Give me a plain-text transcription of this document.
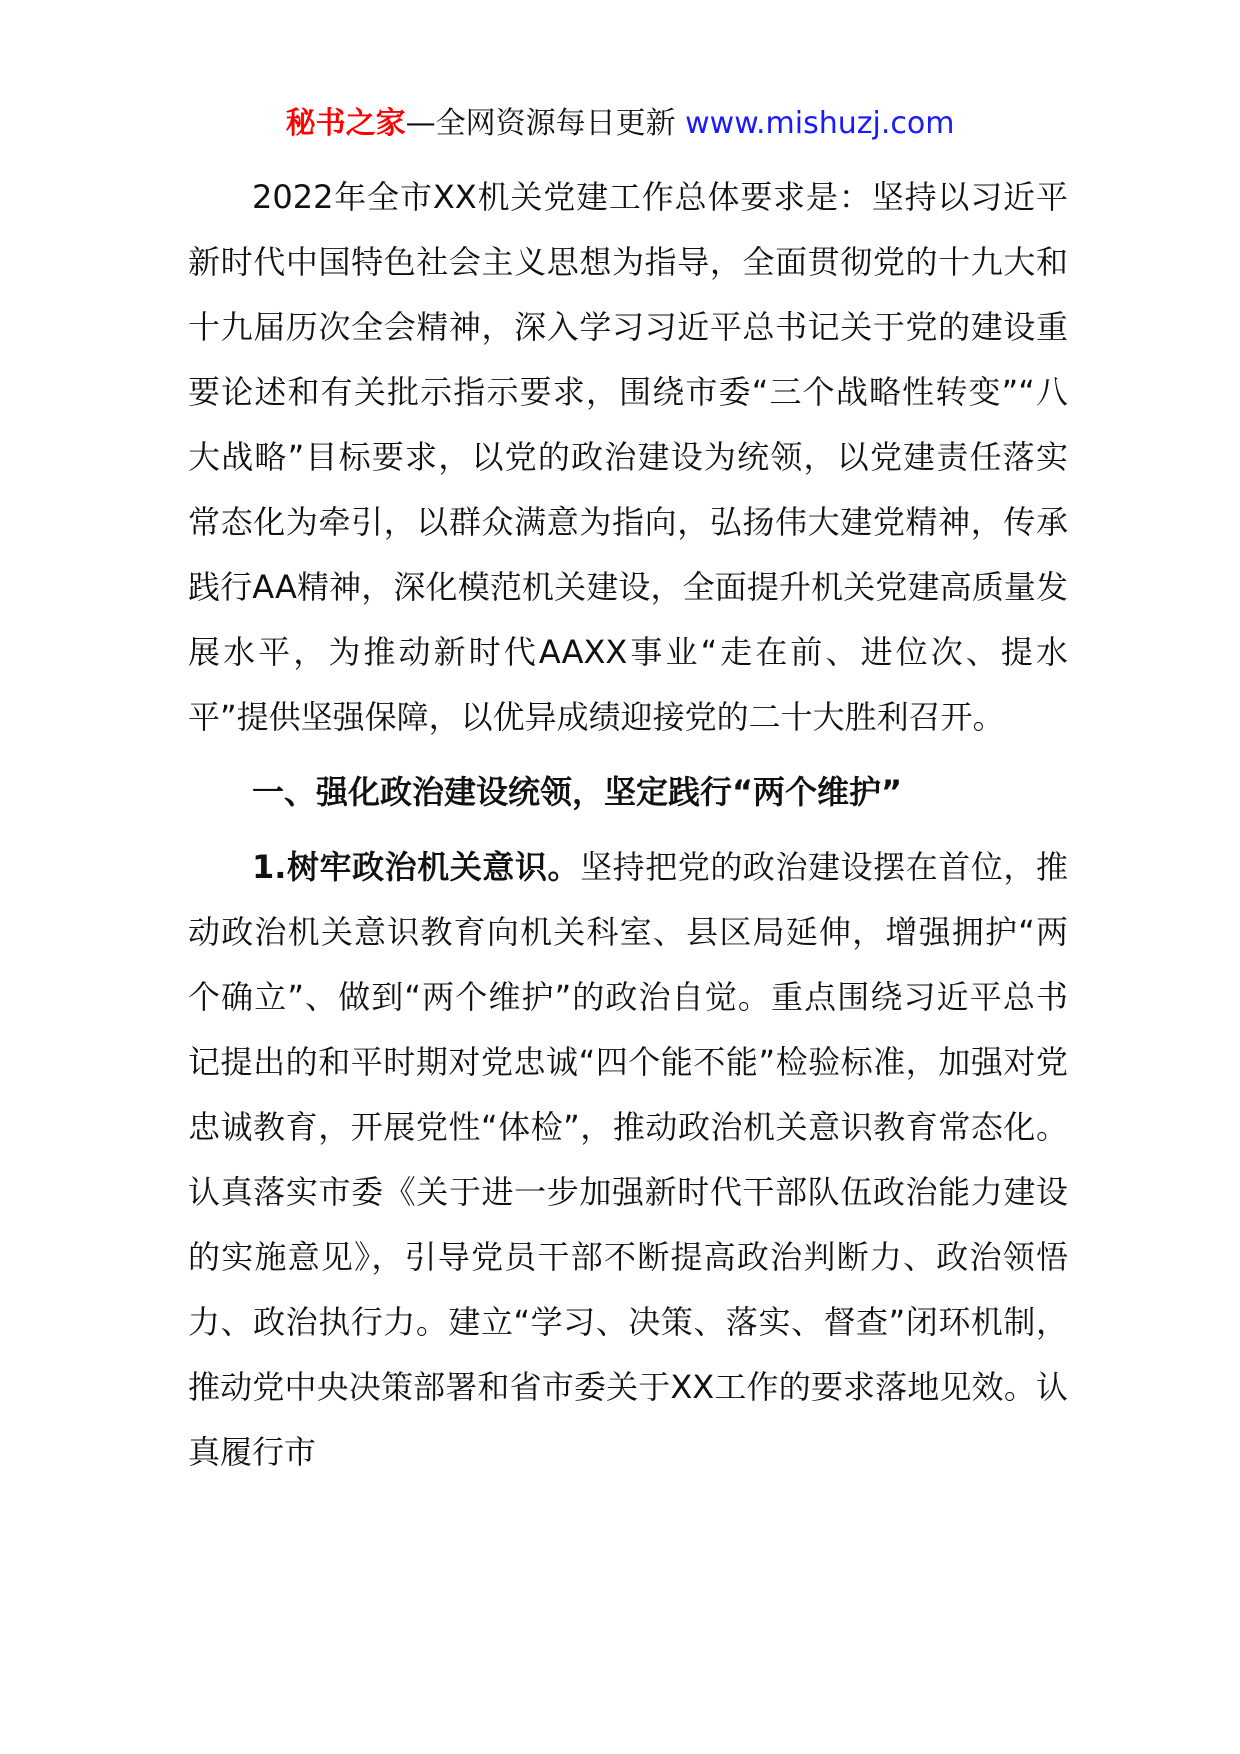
秘书之家—全网资源每日更新 www.mishuzj.com

2022年全市XX机关党建工作总体要求是：坚持以习近平新时代中国特色社会主义思想为指导，全面贯彻党的十九大和十九届历次全会精神，深入学习习近平总书记关于党的建设重要论述和有关批示指示要求，围绕市委“三个战略性转变”“八大战略”目标要求，以党的政治建设为统领，以党建责任落实常态化为牵引，以群众满意为指向，弘扬伟大建党精神，传承践行AA精神，深化模范机关建设，全面提升机关党建高质量发展水平，为推动新时代AAXX事业“走在前、进位次、提水平”提供坚强保障，以优异成绩迎接党的二十大胜利召开。

一、强化政治建设统领，坚定践行“两个维护”

1.树牢政治机关意识。坚持把党的政治建设摆在首位，推动政治机关意识教育向机关科室、县区局延伸，增强拥护“两个确立”、做到“两个维护”的政治自觉。重点围绕习近平总书记提出的和平时期对党忠诚“四个能不能”检验标准，加强对党忠诚教育，开展党性“体检”，推动政治机关意识教育常态化。认真落实市委《关于进一步加强新时代干部队伍政治能力建设的实施意见》，引导党员干部不断提高政治判断力、政治领悟力、政治执行力。建立“学习、决策、落实、督查”闭环机制，推动党中央决策部署和省市委关于XX工作的要求落地见效。认真履行市
